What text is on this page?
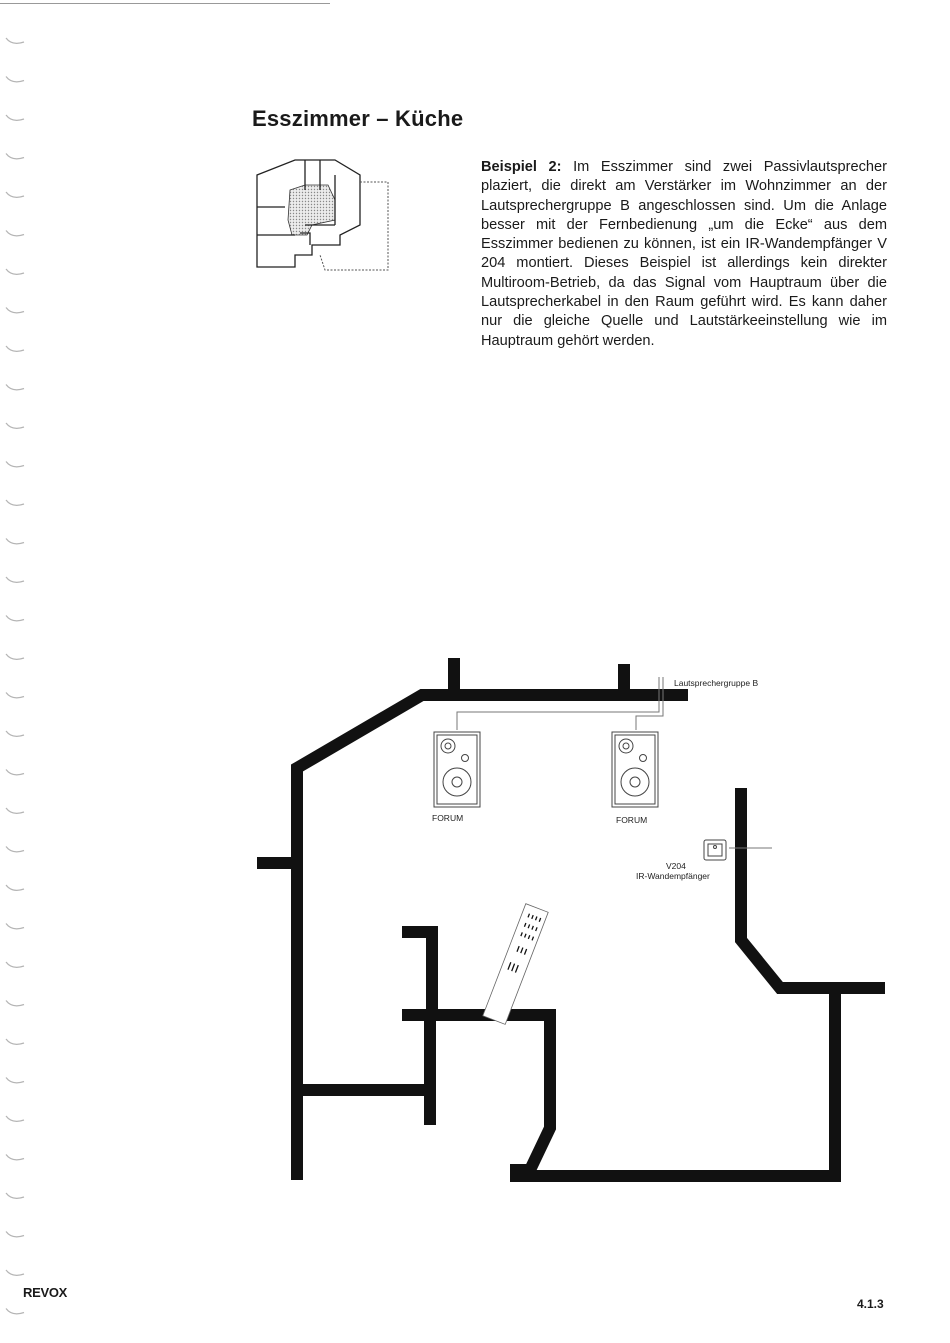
Esszimmer – Küche

Beispiel 2: Im Esszimmer sind zwei Passivlautsprecher plaziert, die direkt am Verstärker im Wohnzimmer an der Lautsprechergruppe B angeschlossen sind. Um die Anlage besser mit der Fernbedienung „um die Ecke“ aus dem Esszimmer bedienen zu können, ist ein IR-Wandempfänger V 204 montiert. Dieses Beispiel ist allerdings kein direkter Multiroom-Betrieb, da das Signal vom Hauptraum über die Lautsprecherkabel in den Raum geführt wird. Es kann daher nur die gleiche Quelle und Lautstärkeeinstellung wie im Hauptraum gehört werden.

Lautsprechergruppe B
FORUM	FORUM
V204
IR-Wandempfänger
REVOX
4.1.3
